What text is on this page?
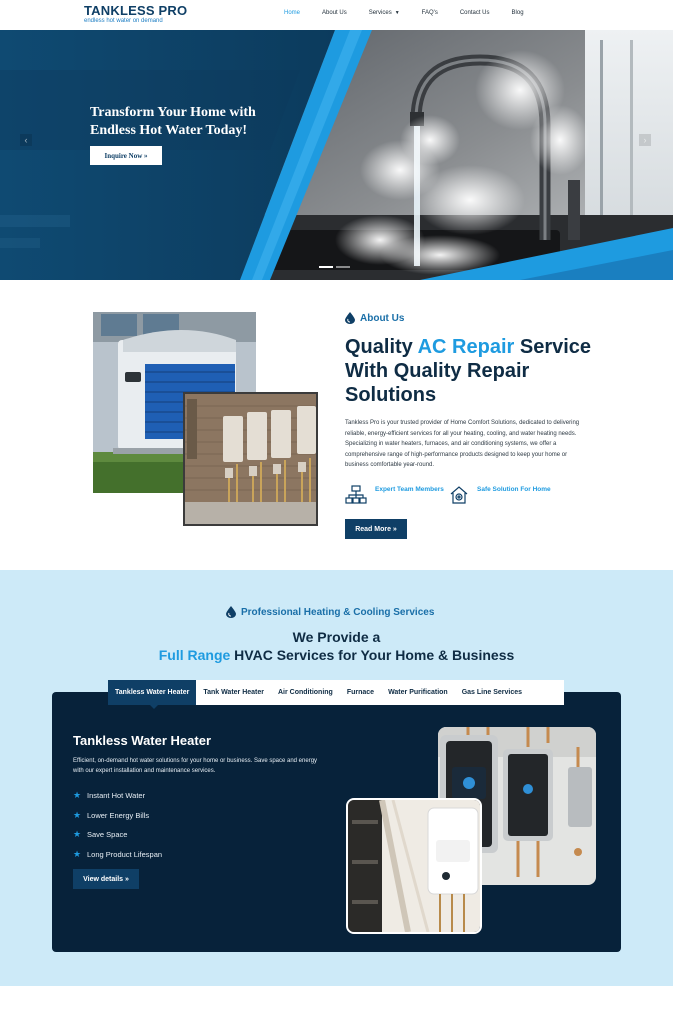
TANKLESS PRO
endless hot water on demand
Home	About Us	Services ▼	FAQ's	Contact Us	Blog
Transform Your Home with Endless Hot Water Today!
Inquire Now »
‹	›
About Us
Quality AC Repair Service With Quality Repair Solutions

Tankless Pro is your trusted provider of Home Comfort Solutions, dedicated to delivering reliable, energy-efficient services for all your heating, cooling, and water heating needs. Specializing in water heaters, furnaces, and air conditioning systems, we offer a comprehensive range of high-performance products designed to keep your home or business comfortable year-round.

Expert Team Members	Safe Solution For Home
Read More »
Professional Heating & Cooling Services
We Provide a
Full Range HVAC Services for Your Home & Business
Tankless Water Heater	Tank Water Heater	Air Conditioning	Furnace	Water Purification	Gas Line Services
Tankless Water Heater

Efficient, on-demand hot water solutions for your home or business. Save space and energy with our expert installation and maintenance services.

★ Instant Hot Water
★ Lower Energy Bills
★ Save Space
★ Long Product Lifespan
View details »
